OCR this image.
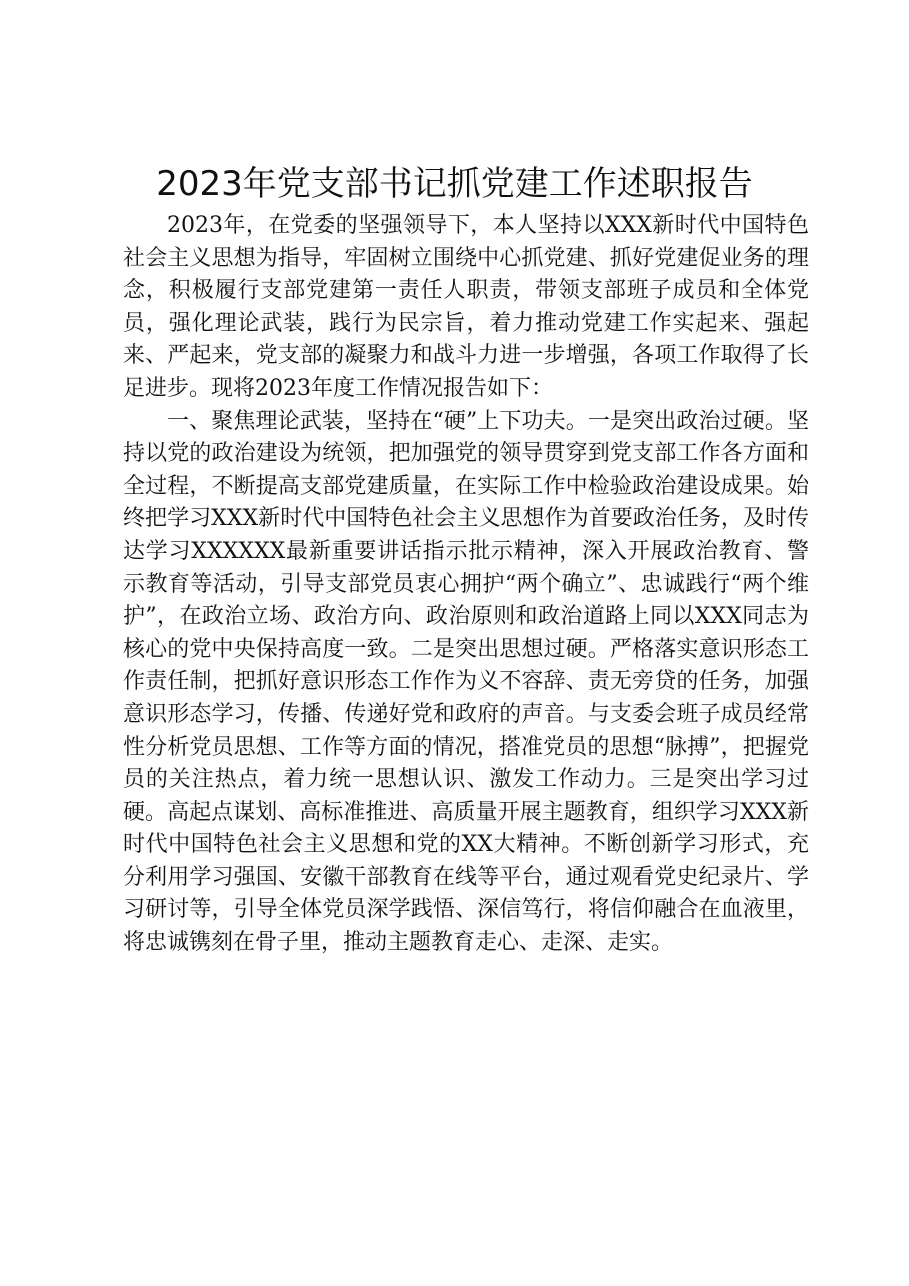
2023年党支部书记抓党建工作述职报告

2023年，在党委的坚强领导下，本人坚持以XXX新时代中国特色社会主义思想为指导，牢固树立围绕中心抓党建、抓好党建促业务的理念，积极履行支部党建第一责任人职责，带领支部班子成员和全体党员，强化理论武装，践行为民宗旨，着力推动党建工作实起来、强起来、严起来，党支部的凝聚力和战斗力进一步增强，各项工作取得了长足进步。现将2023年度工作情况报告如下：

一、聚焦理论武装，坚持在“硬”上下功夫。一是突出政治过硬。坚持以党的政治建设为统领，把加强党的领导贯穿到党支部工作各方面和全过程，不断提高支部党建质量，在实际工作中检验政治建设成果。始终把学习XXX新时代中国特色社会主义思想作为首要政治任务，及时传达学习XXXXXX最新重要讲话指示批示精神，深入开展政治教育、警示教育等活动，引导支部党员衷心拥护“两个确立”、忠诚践行“两个维护”，在政治立场、政治方向、政治原则和政治道路上同以XXX同志为核心的党中央保持高度一致。二是突出思想过硬。严格落实意识形态工作责任制，把抓好意识形态工作作为义不容辞、责无旁贷的任务，加强意识形态学习，传播、传递好党和政府的声音。与支委会班子成员经常性分析党员思想、工作等方面的情况，搭准党员的思想“脉搏”，把握党员的关注热点，着力统一思想认识、激发工作动力。三是突出学习过硬。高起点谋划、高标准推进、高质量开展主题教育，组织学习XXX新时代中国特色社会主义思想和党的XX大精神。不断创新学习形式，充分利用学习强国、安徽干部教育在线等平台，通过观看党史纪录片、学习研讨等，引导全体党员深学践悟、深信笃行，将信仰融合在血液里，将忠诚镌刻在骨子里，推动主题教育走心、走深、走实。
